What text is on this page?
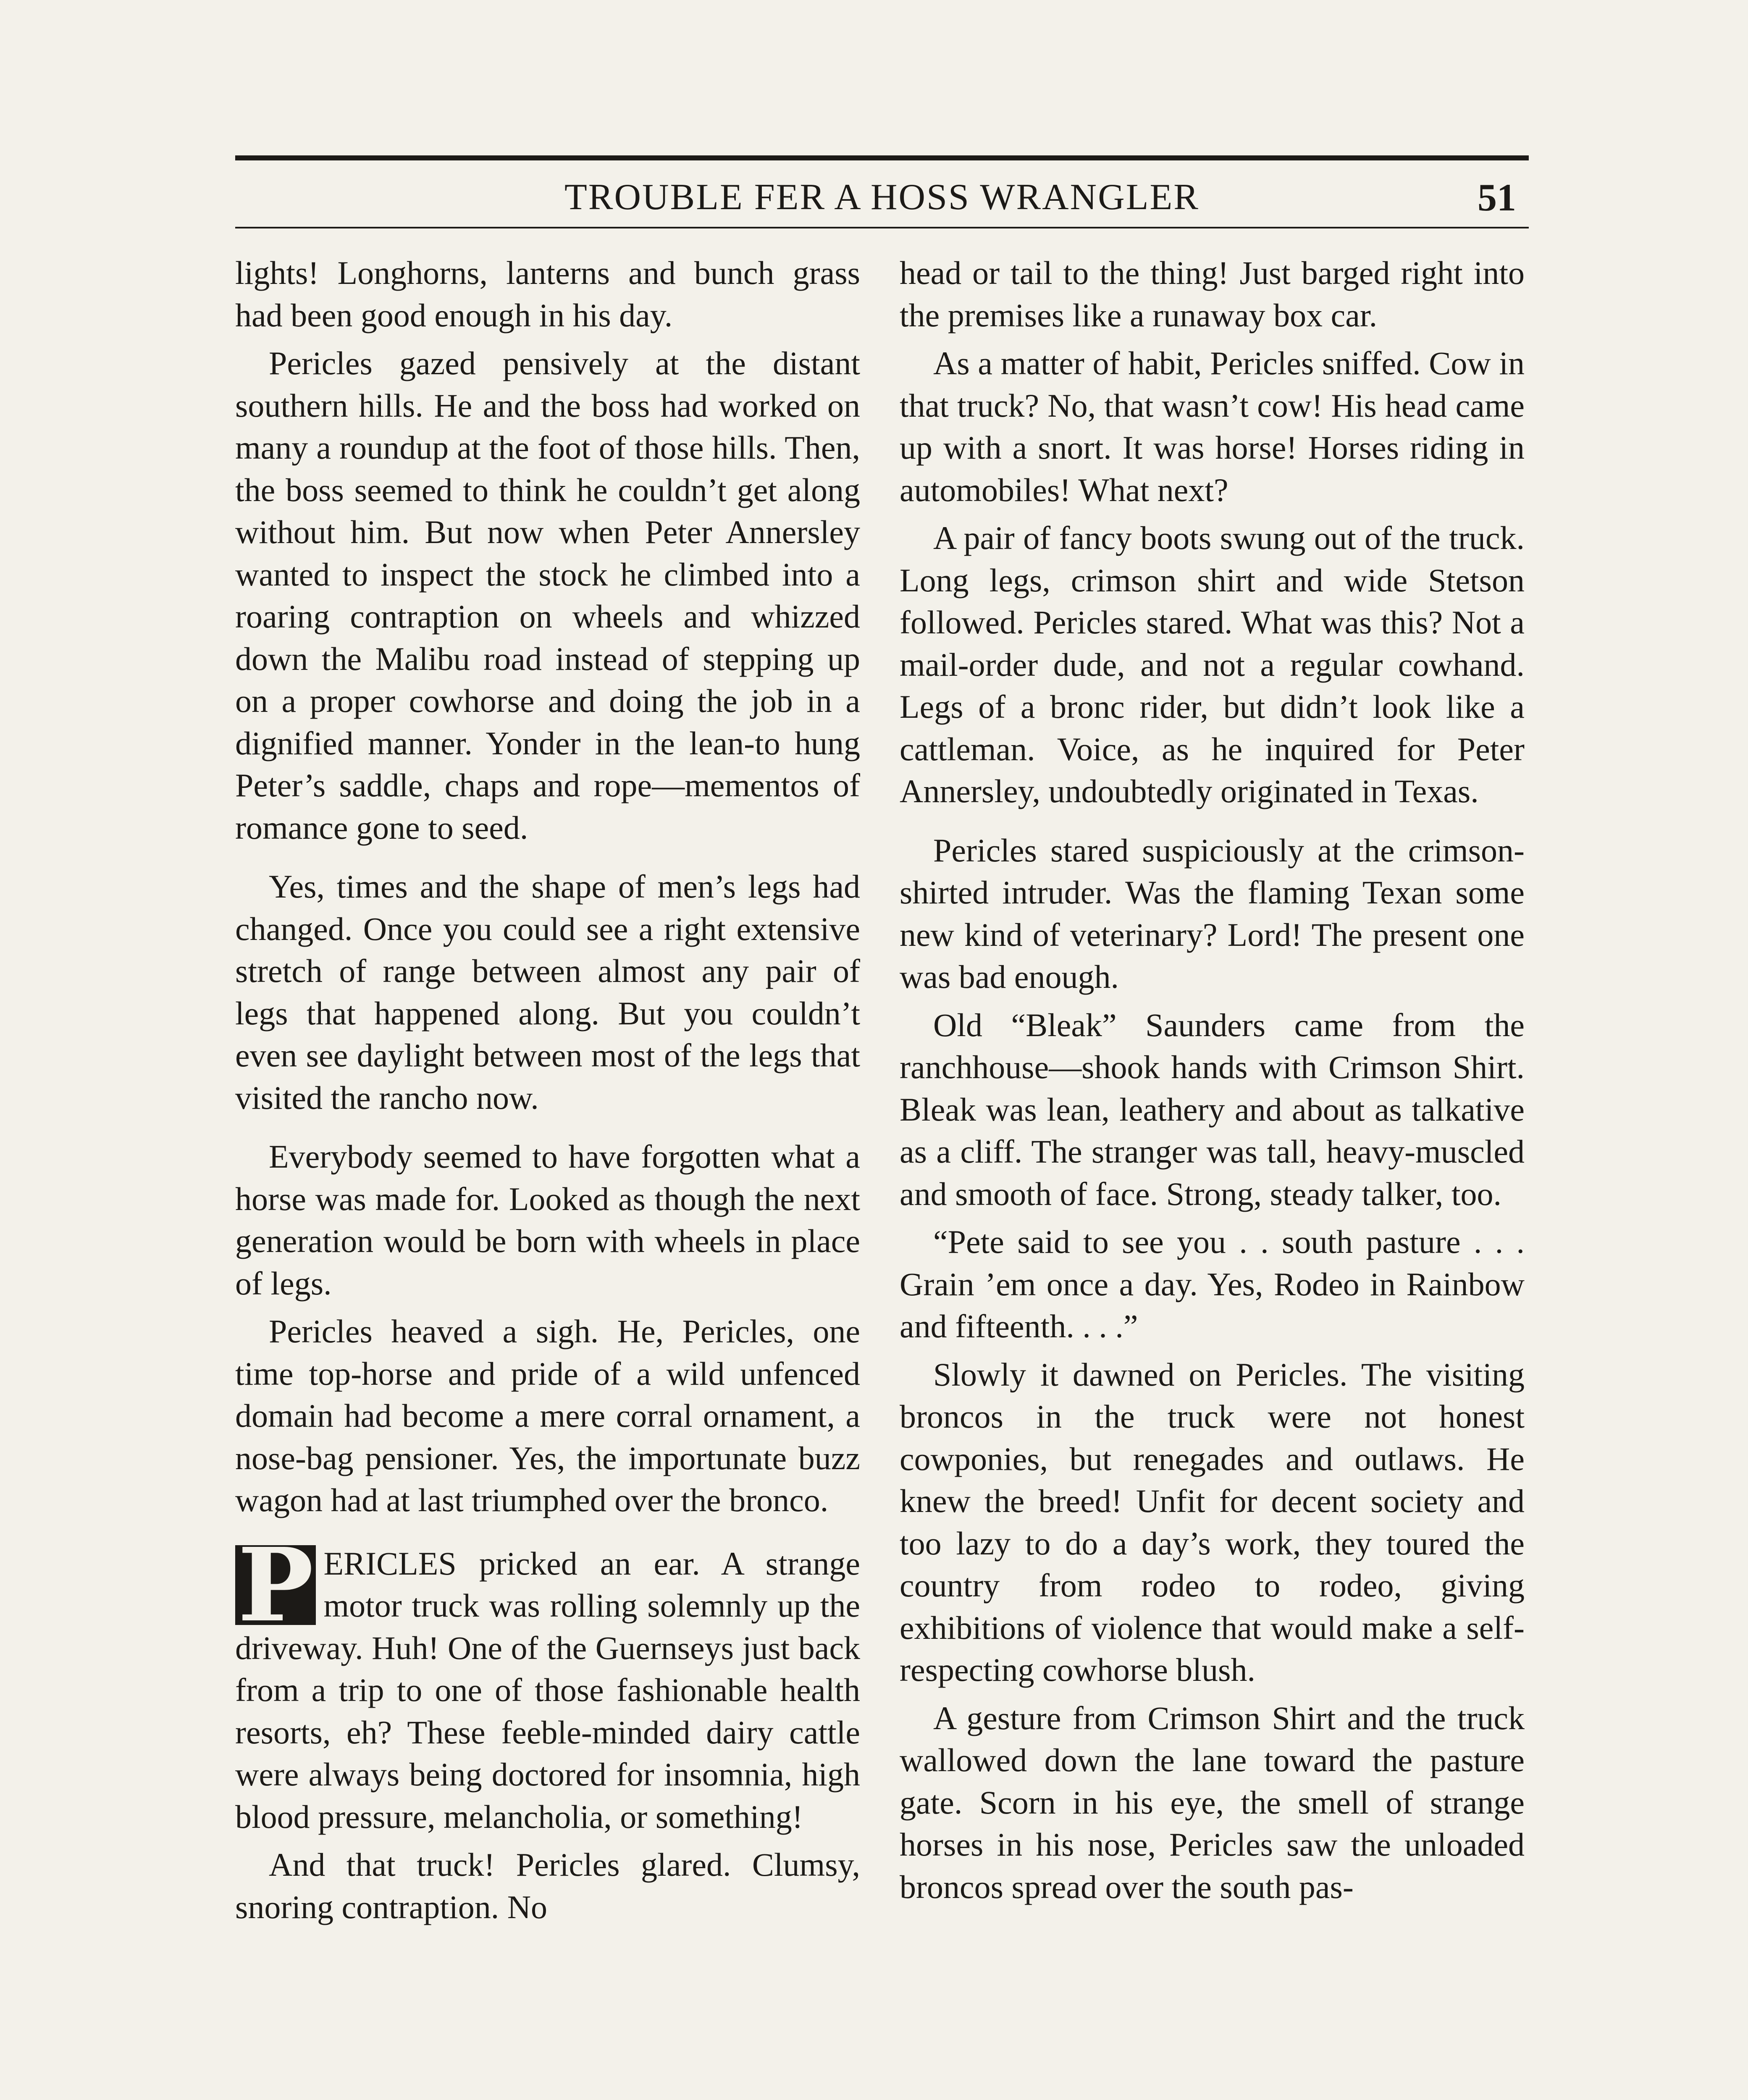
TROUBLE FER A HOSS WRANGLER	51

lights! Longhorns, lanterns and bunch grass had been good enough in his day.

Pericles gazed pensively at the distant southern hills. He and the boss had worked on many a roundup at the foot of those hills. Then, the boss seemed to think he couldn’t get along without him. But now when Peter Annersley wanted to inspect the stock he climbed into a roaring contraption on wheels and whizzed down the Malibu road instead of stepping up on a proper cowhorse and doing the job in a dignified manner. Yonder in the lean-to hung Peter’s saddle, chaps and rope—mementos of romance gone to seed.

Yes, times and the shape of men’s legs had changed. Once you could see a right extensive stretch of range between almost any pair of legs that happened along. But you couldn’t even see daylight between most of the legs that visited the rancho now.

Everybody seemed to have forgotten what a horse was made for. Looked as though the next generation would be born with wheels in place of legs.

Pericles heaved a sigh. He, Pericles, one time top-horse and pride of a wild unfenced domain had become a mere corral ornament, a nose-bag pensioner. Yes, the importunate buzz wagon had at last triumphed over the bronco.

P ERICLES pricked an ear. A strange motor truck was rolling solemnly up the driveway. Huh! One of the Guernseys just back from a trip to one of those fashionable health resorts, eh? These feeble-minded dairy cattle were always being doctored for insomnia, high blood pressure, melancholia, or something!

And that truck! Pericles glared. Clumsy, snoring contraption. No

head or tail to the thing! Just barged right into the premises like a runaway box car.

As a matter of habit, Pericles sniffed. Cow in that truck? No, that wasn’t cow! His head came up with a snort. It was horse! Horses riding in automobiles! What next?

A pair of fancy boots swung out of the truck. Long legs, crimson shirt and wide Stetson followed. Pericles stared. What was this? Not a mail-order dude, and not a regular cowhand. Legs of a bronc rider, but didn’t look like a cattleman. Voice, as he inquired for Peter Annersley, undoubtedly originated in Texas.

Pericles stared suspiciously at the crimson-shirted intruder. Was the flaming Texan some new kind of veterinary? Lord! The present one was bad enough.

Old “Bleak” Saunders came from the ranchhouse—shook hands with Crimson Shirt. Bleak was lean, leathery and about as talkative as a cliff. The stranger was tall, heavy-muscled and smooth of face. Strong, steady talker, too.

“Pete said to see you . . south pasture . . . Grain ’em once a day. Yes, Rodeo in Rainbow and fifteenth. . . .”

Slowly it dawned on Pericles. The visiting broncos in the truck were not honest cowponies, but renegades and outlaws. He knew the breed! Unfit for decent society and too lazy to do a day’s work, they toured the country from rodeo to rodeo, giving exhibitions of violence that would make a self-respecting cowhorse blush.

A gesture from Crimson Shirt and the truck wallowed down the lane toward the pasture gate. Scorn in his eye, the smell of strange horses in his nose, Pericles saw the unloaded broncos spread over the south pas-
